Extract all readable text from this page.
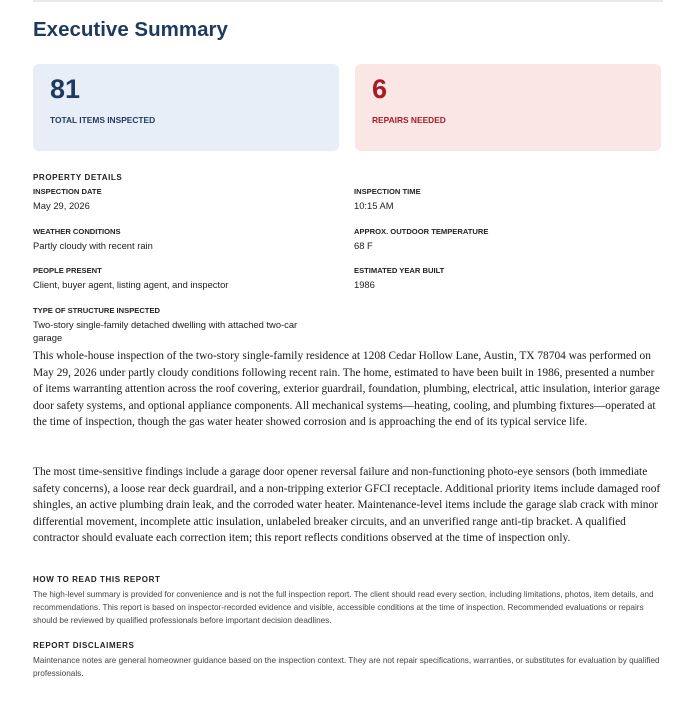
Executive Summary
81
TOTAL ITEMS INSPECTED
6
REPAIRS NEEDED
PROPERTY DETAILS
INSPECTION DATE
May 29, 2026
INSPECTION TIME
10:15 AM
WEATHER CONDITIONS
Partly cloudy with recent rain
APPROX. OUTDOOR TEMPERATURE
68 F
PEOPLE PRESENT
Client, buyer agent, listing agent, and inspector
ESTIMATED YEAR BUILT
1986
TYPE OF STRUCTURE INSPECTED
Two-story single-family detached dwelling with attached two-car garage

This whole-house inspection of the two-story single-family residence at 1208 Cedar Hollow Lane, Austin, TX 78704 was performed on May 29, 2026 under partly cloudy conditions following recent rain. The home, estimated to have been built in 1986, presented a number of items warranting attention across the roof covering, exterior guardrail, foundation, plumbing, electrical, attic insulation, interior garage door safety systems, and optional appliance components. All mechanical systems—heating, cooling, and plumbing fixtures—operated at the time of inspection, though the gas water heater showed corrosion and is approaching the end of its typical service life.

The most time-sensitive findings include a garage door opener reversal failure and non-functioning photo-eye sensors (both immediate safety concerns), a loose rear deck guardrail, and a non-tripping exterior GFCI receptacle. Additional priority items include damaged roof shingles, an active plumbing drain leak, and the corroded water heater. Maintenance-level items include the garage slab crack with minor differential movement, incomplete attic insulation, unlabeled breaker circuits, and an unverified range anti-tip bracket. A qualified contractor should evaluate each correction item; this report reflects conditions observed at the time of inspection only.

HOW TO READ THIS REPORT

The high-level summary is provided for convenience and is not the full inspection report. The client should read every section, including limitations, photos, item details, and recommendations. This report is based on inspector-recorded evidence and visible, accessible conditions at the time of inspection. Recommended evaluations or repairs should be reviewed by qualified professionals before important decision deadlines.

REPORT DISCLAIMERS

Maintenance notes are general homeowner guidance based on the inspection context. They are not repair specifications, warranties, or substitutes for evaluation by qualified professionals.
